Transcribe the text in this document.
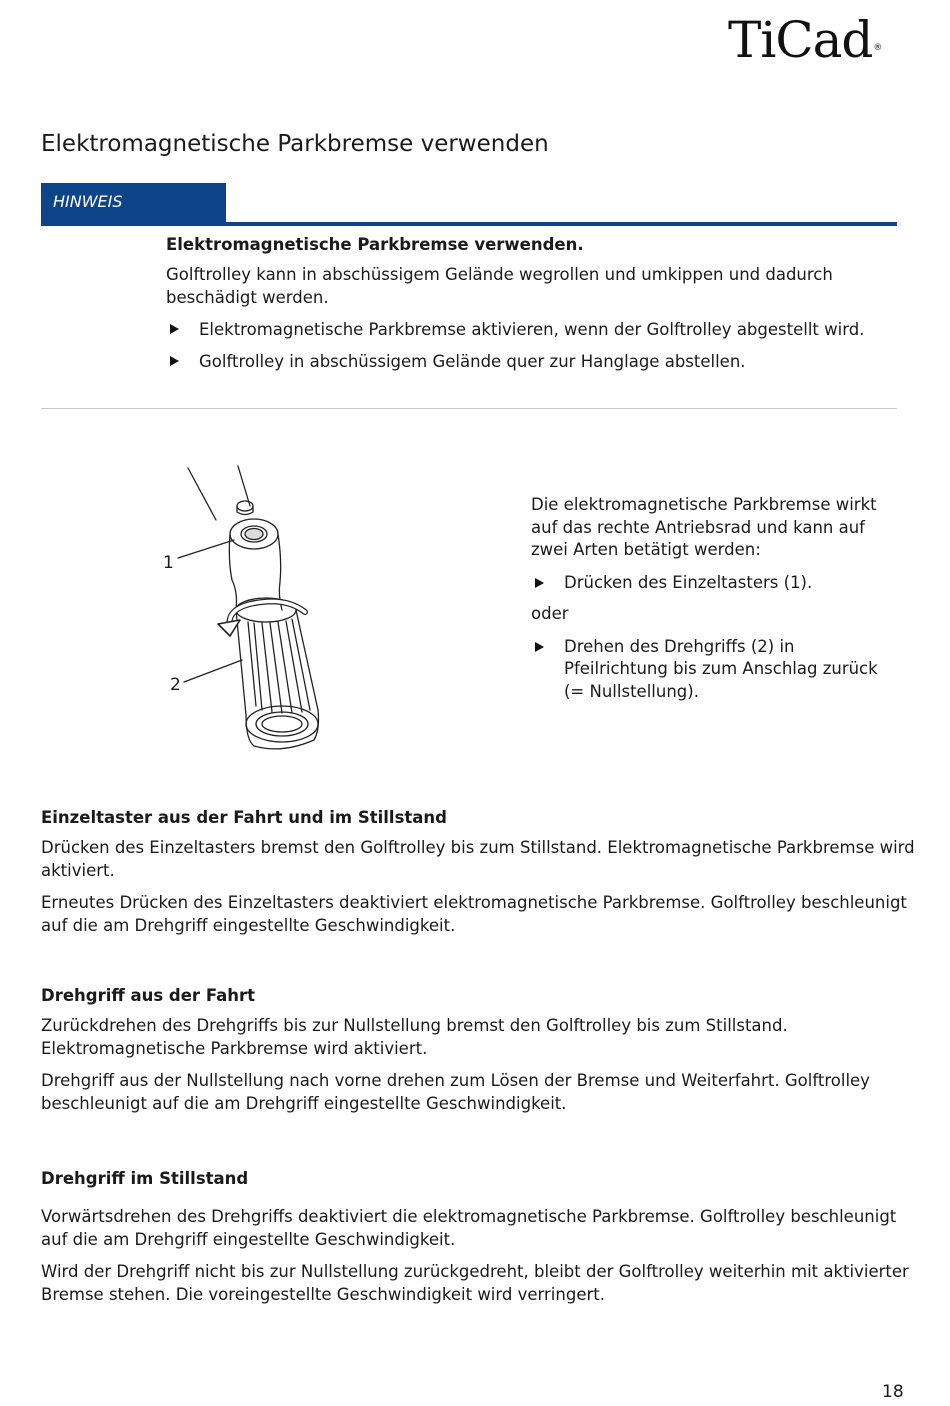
TiCad®
Elektromagnetische Parkbremse verwenden
HINWEIS

Elektromagnetische Parkbremse verwenden.

Golftrolley kann in abschüssigem Gelände wegrollen und umkippen und dadurch beschädigt werden.

Elektromagnetische Parkbremse aktivieren, wenn der Golftrolley abgestellt wird.
Golftrolley in abschüssigem Gelände quer zur Hanglage abstellen.
1
2

Die elektromagnetische Parkbremse wirkt auf das rechte Antriebsrad und kann auf zwei Arten betätigt werden:

Drücken des Einzeltasters (1).

oder

Drehen des Drehgriffs (2) in Pfeilrichtung bis zum Anschlag zurück (= Nullstellung).
Einzeltaster aus der Fahrt und im Stillstand

Drücken des Einzeltasters bremst den Golftrolley bis zum Stillstand. Elektromagnetische Parkbremse wird aktiviert.

Erneutes Drücken des Einzeltasters deaktiviert elektromagnetische Parkbremse. Golftrolley beschleunigt auf die am Drehgriff eingestellte Geschwindigkeit.

Drehgriff aus der Fahrt

Zurückdrehen des Drehgriffs bis zur Nullstellung bremst den Golftrolley bis zum Stillstand. Elektromagnetische Parkbremse wird aktiviert.

Drehgriff aus der Nullstellung nach vorne drehen zum Lösen der Bremse und Weiterfahrt. Golftrolley beschleunigt auf die am Drehgriff eingestellte Geschwindigkeit.

Drehgriff im Stillstand

Vorwärtsdrehen des Drehgriffs deaktiviert die elektromagnetische Parkbremse. Golftrolley beschleunigt auf die am Drehgriff eingestellte Geschwindigkeit.

Wird der Drehgriff nicht bis zur Nullstellung zurückgedreht, bleibt der Golftrolley weiterhin mit aktivierter Bremse stehen. Die voreingestellte Geschwindigkeit wird verringert.

18
